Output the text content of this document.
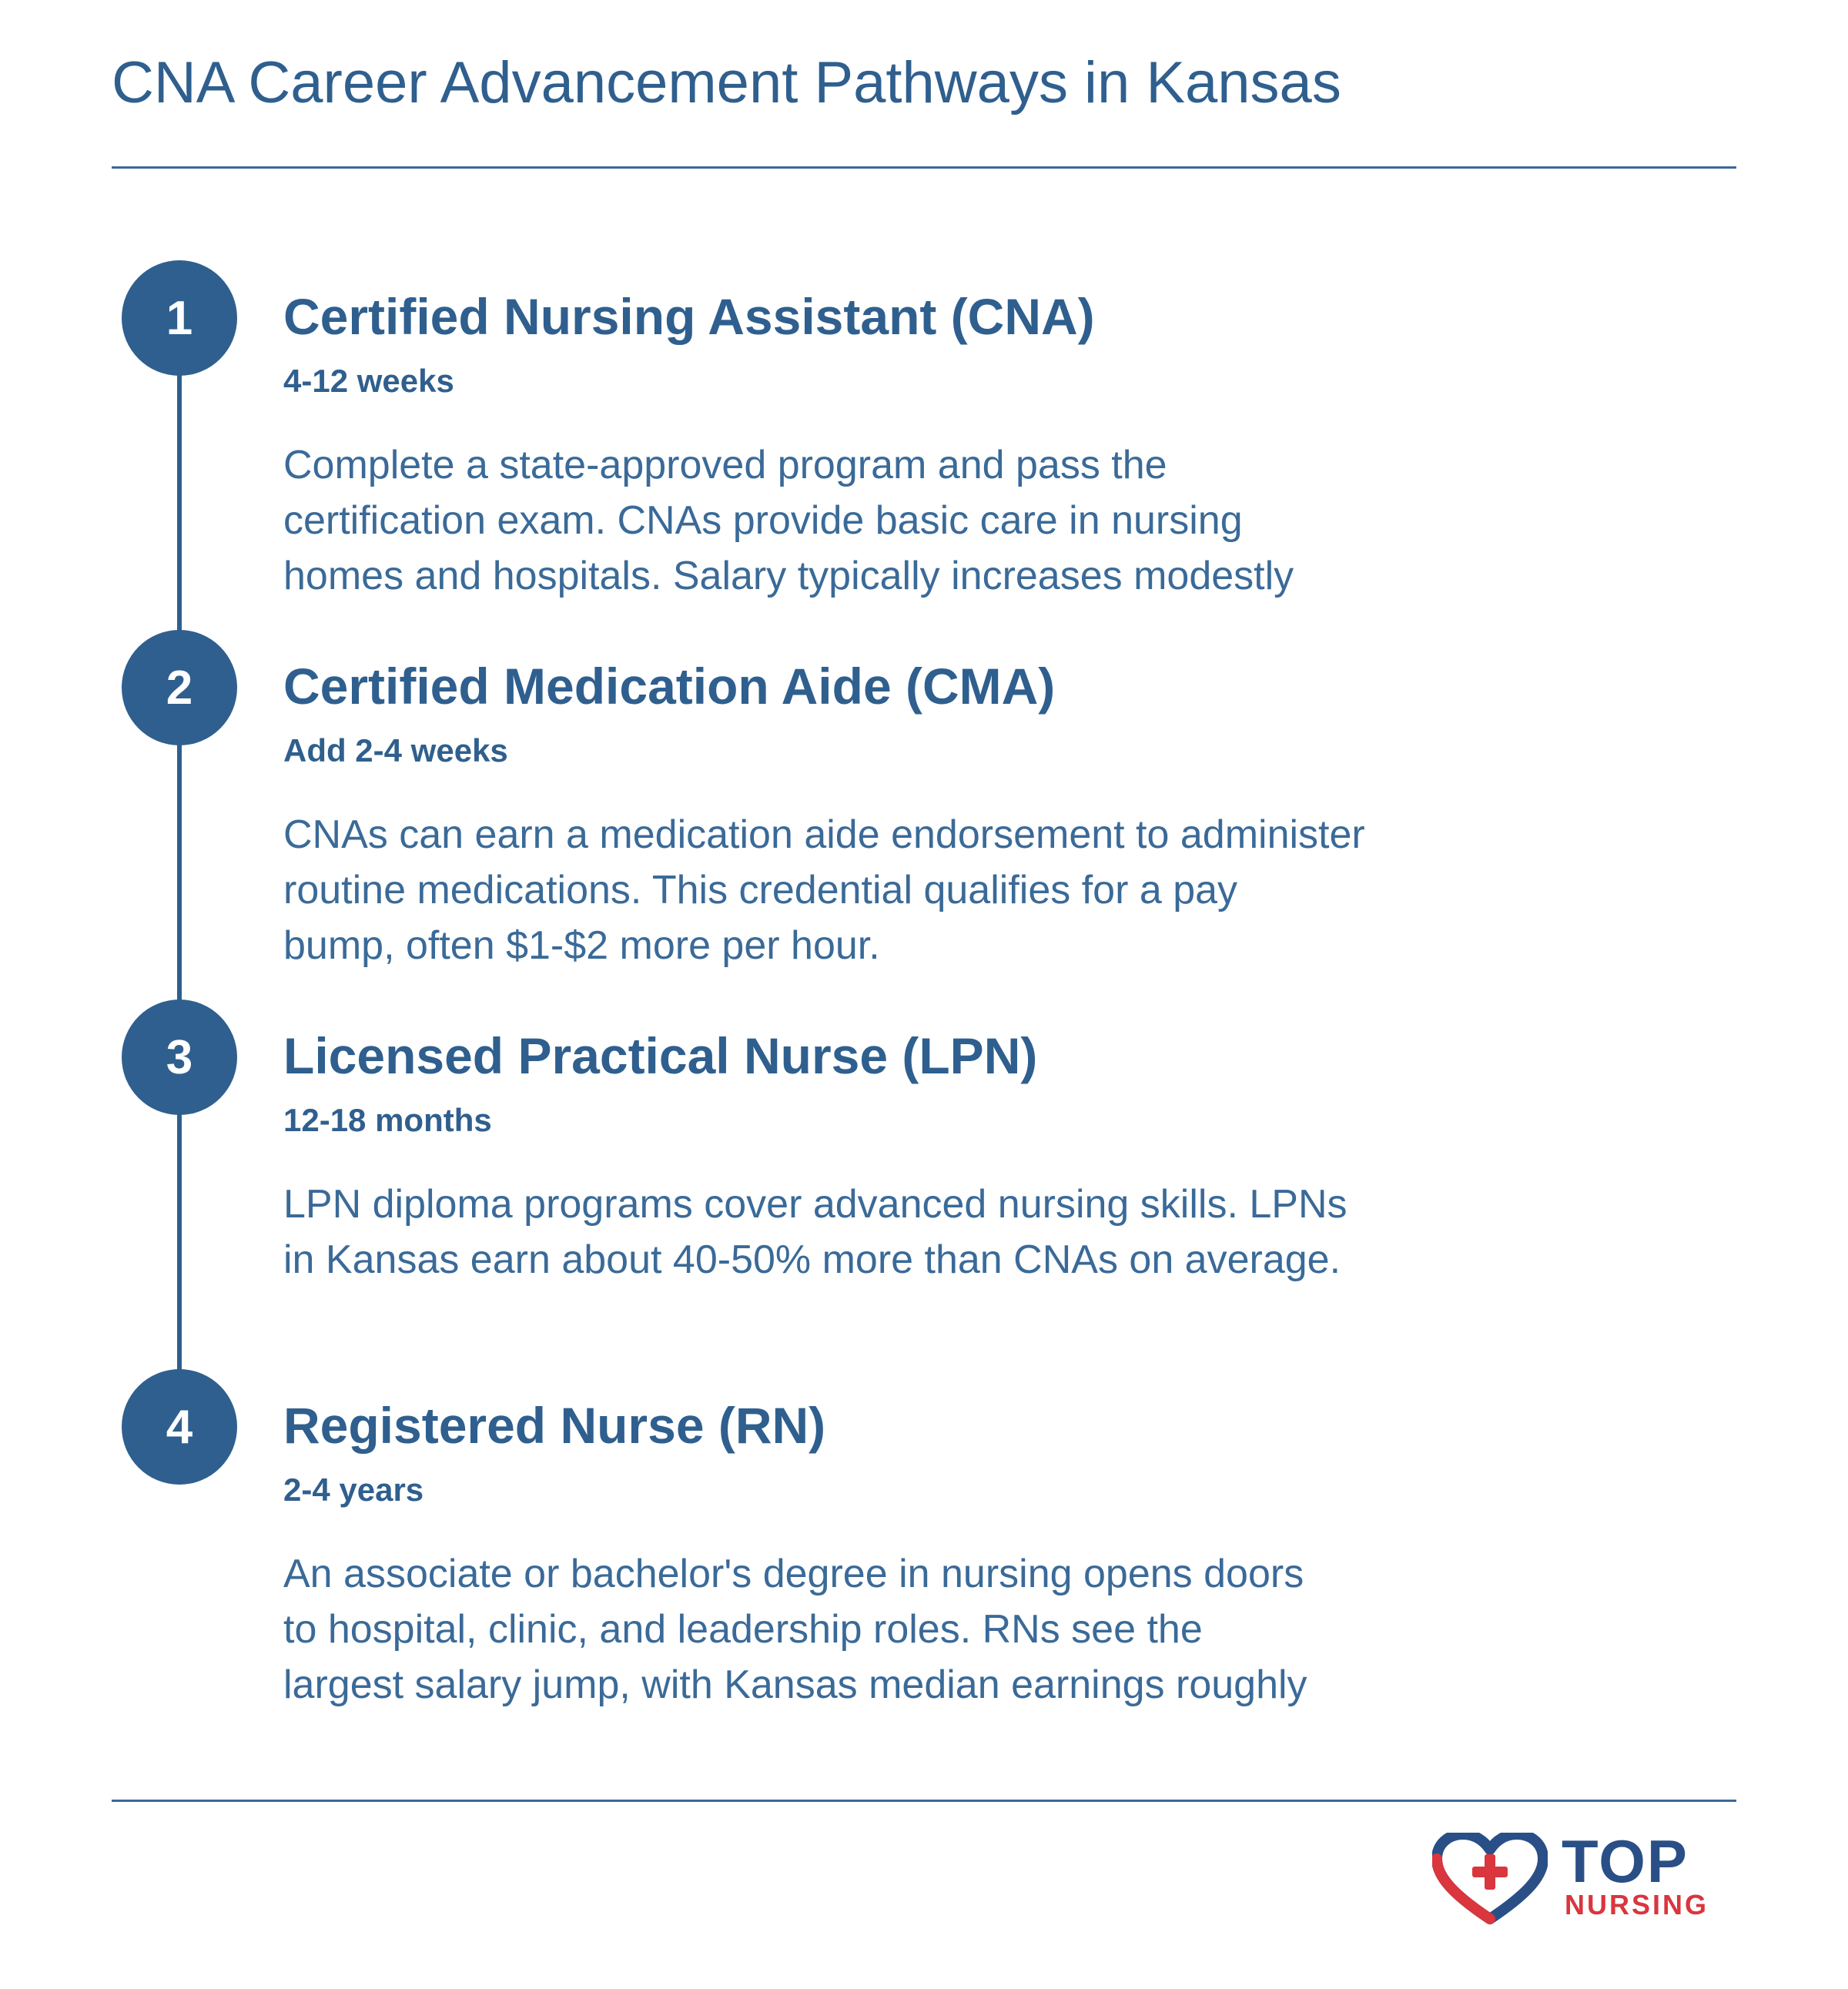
CNA Career Advancement Pathways in Kansas
1	Certified Nursing Assistant (CNA)
4-12 weeks
Complete a state-approved program and pass the
certification exam. CNAs provide basic care in nursing
homes and hospitals. Salary typically increases modestly
2	Certified Medication Aide (CMA)
Add 2-4 weeks
CNAs can earn a medication aide endorsement to administer
routine medications. This credential qualifies for a pay
bump, often $1-$2 more per hour.
3	Licensed Practical Nurse (LPN)
12-18 months
LPN diploma programs cover advanced nursing skills. LPNs
in Kansas earn about 40-50% more than CNAs on average.
4	Registered Nurse (RN)
2-4 years
An associate or bachelor's degree in nursing opens doors
to hospital, clinic, and leadership roles. RNs see the
largest salary jump, with Kansas median earnings roughly
TOP
NURSING
